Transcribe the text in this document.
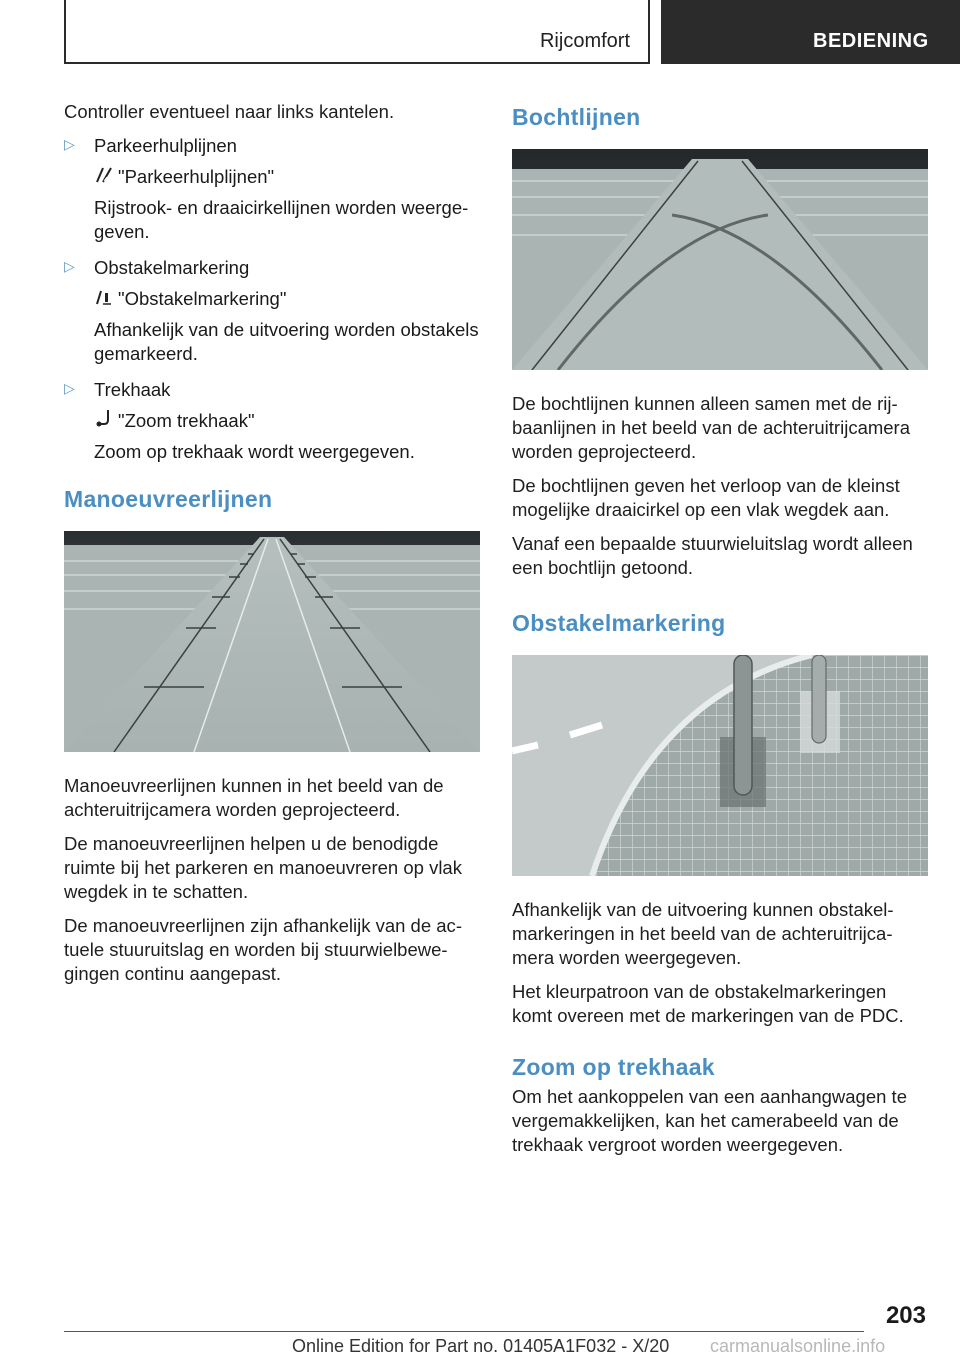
Rijcomfort	BEDIENING

Controller eventueel naar links kantelen.

▷ Parkeerhulplijnen
"Parkeerhulplijnen"

Rijstrook- en draaicirkellijnen worden weergegeven.

▷ Obstakelmarkering
"Obstakelmarkering"

Afhankelijk van de uitvoering worden obstakels gemarkeerd.

▷ Trekhaak
"Zoom trekhaak"

Zoom op trekhaak wordt weergegeven.

Manoeuvreerlijnen

Manoeuvreerlijnen kunnen in het beeld van de achteruitrijcamera worden geprojecteerd.

De manoeuvreerlijnen helpen u de benodigde ruimte bij het parkeren en manoeuvreren op vlak wegdek in te schatten.

De manoeuvreerlijnen zijn afhankelijk van de actuele stuuruitslag en worden bij stuurwielbewegingen continu aangepast.

Bochtlijnen

De bochtlijnen kunnen alleen samen met de rijbaanlijnen in het beeld van de achteruitrijcamera worden geprojecteerd.

De bochtlijnen geven het verloop van de kleinst mogelijke draaicirkel op een vlak wegdek aan.

Vanaf een bepaalde stuurwieluitslag wordt alleen een bochtlijn getoond.

Obstakelmarkering

Afhankelijk van de uitvoering kunnen obstakelmarkeringen in het beeld van de achteruitrijcamera worden weergegeven.

Het kleurpatroon van de obstakelmarkeringen komt overeen met de markeringen van de PDC.

Zoom op trekhaak

Om het aankoppelen van een aanhangwagen te vergemakkelijken, kan het camerabeeld van de trekhaak vergroot worden weergegeven.

203
Online Edition for Part no. 01405A1F032 - X/20 carmanualsonline.info
